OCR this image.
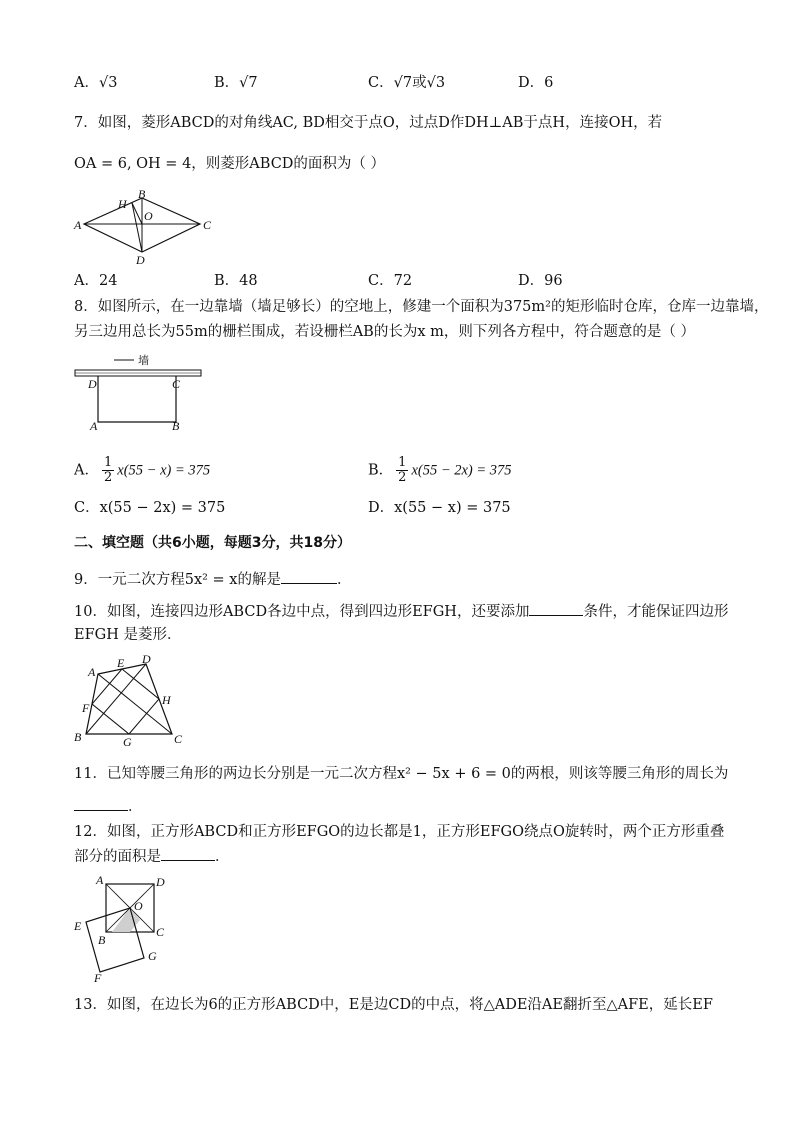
A．√3	B．√7	C．√7或√3	D．6
7．如图，菱形ABCD的对角线AC, BD相交于点O，过点D作DH⊥AB于点H，连接OH，若
OA = 6, OH = 4，则菱形ABCD的面积为（ ）
A
B
C
D
H
O
A．24	B．48	C．72	D．96
8．如图所示，在一边靠墙（墙足够长）的空地上，修建一个面积为375m²的矩形临时仓库，仓库一边靠墙，
另三边用总长为55m的栅栏围成，若设栅栏AB的长为x m，则下列各方程中，符合题意的是（ ）
墙
D	C
A	B
A． $\frac{1}{2} x(55 - x) = 375$	B． $\frac{1}{2} x(55 - 2x) = 375$
C．x(55 − 2x) = 375	D．x(55 − x) = 375
二、填空题（共6小题，每题3分，共18分）
9．一元二次方程5x² = x的解是	．
10．如图，连接四边形ABCD各边中点，得到四边形EFGH，还要添加	条件，才能保证四边形
EFGH 是菱形．
A
D
E
H
F
B	G	C
11．已知等腰三角形的两边长分别是一元二次方程x² − 5x + 6 = 0的两根，则该等腰三角形的周长为
．
12．如图，正方形ABCD和正方形EFGO的边长都是1，正方形EFGO绕点O旋转时，两个正方形重叠
部分的面积是	．
A	D
O
E
B
C
G
F
13．如图，在边长为6的正方形ABCD中，E是边CD的中点，将△ADE沿AE翻折至△AFE，延长EF
